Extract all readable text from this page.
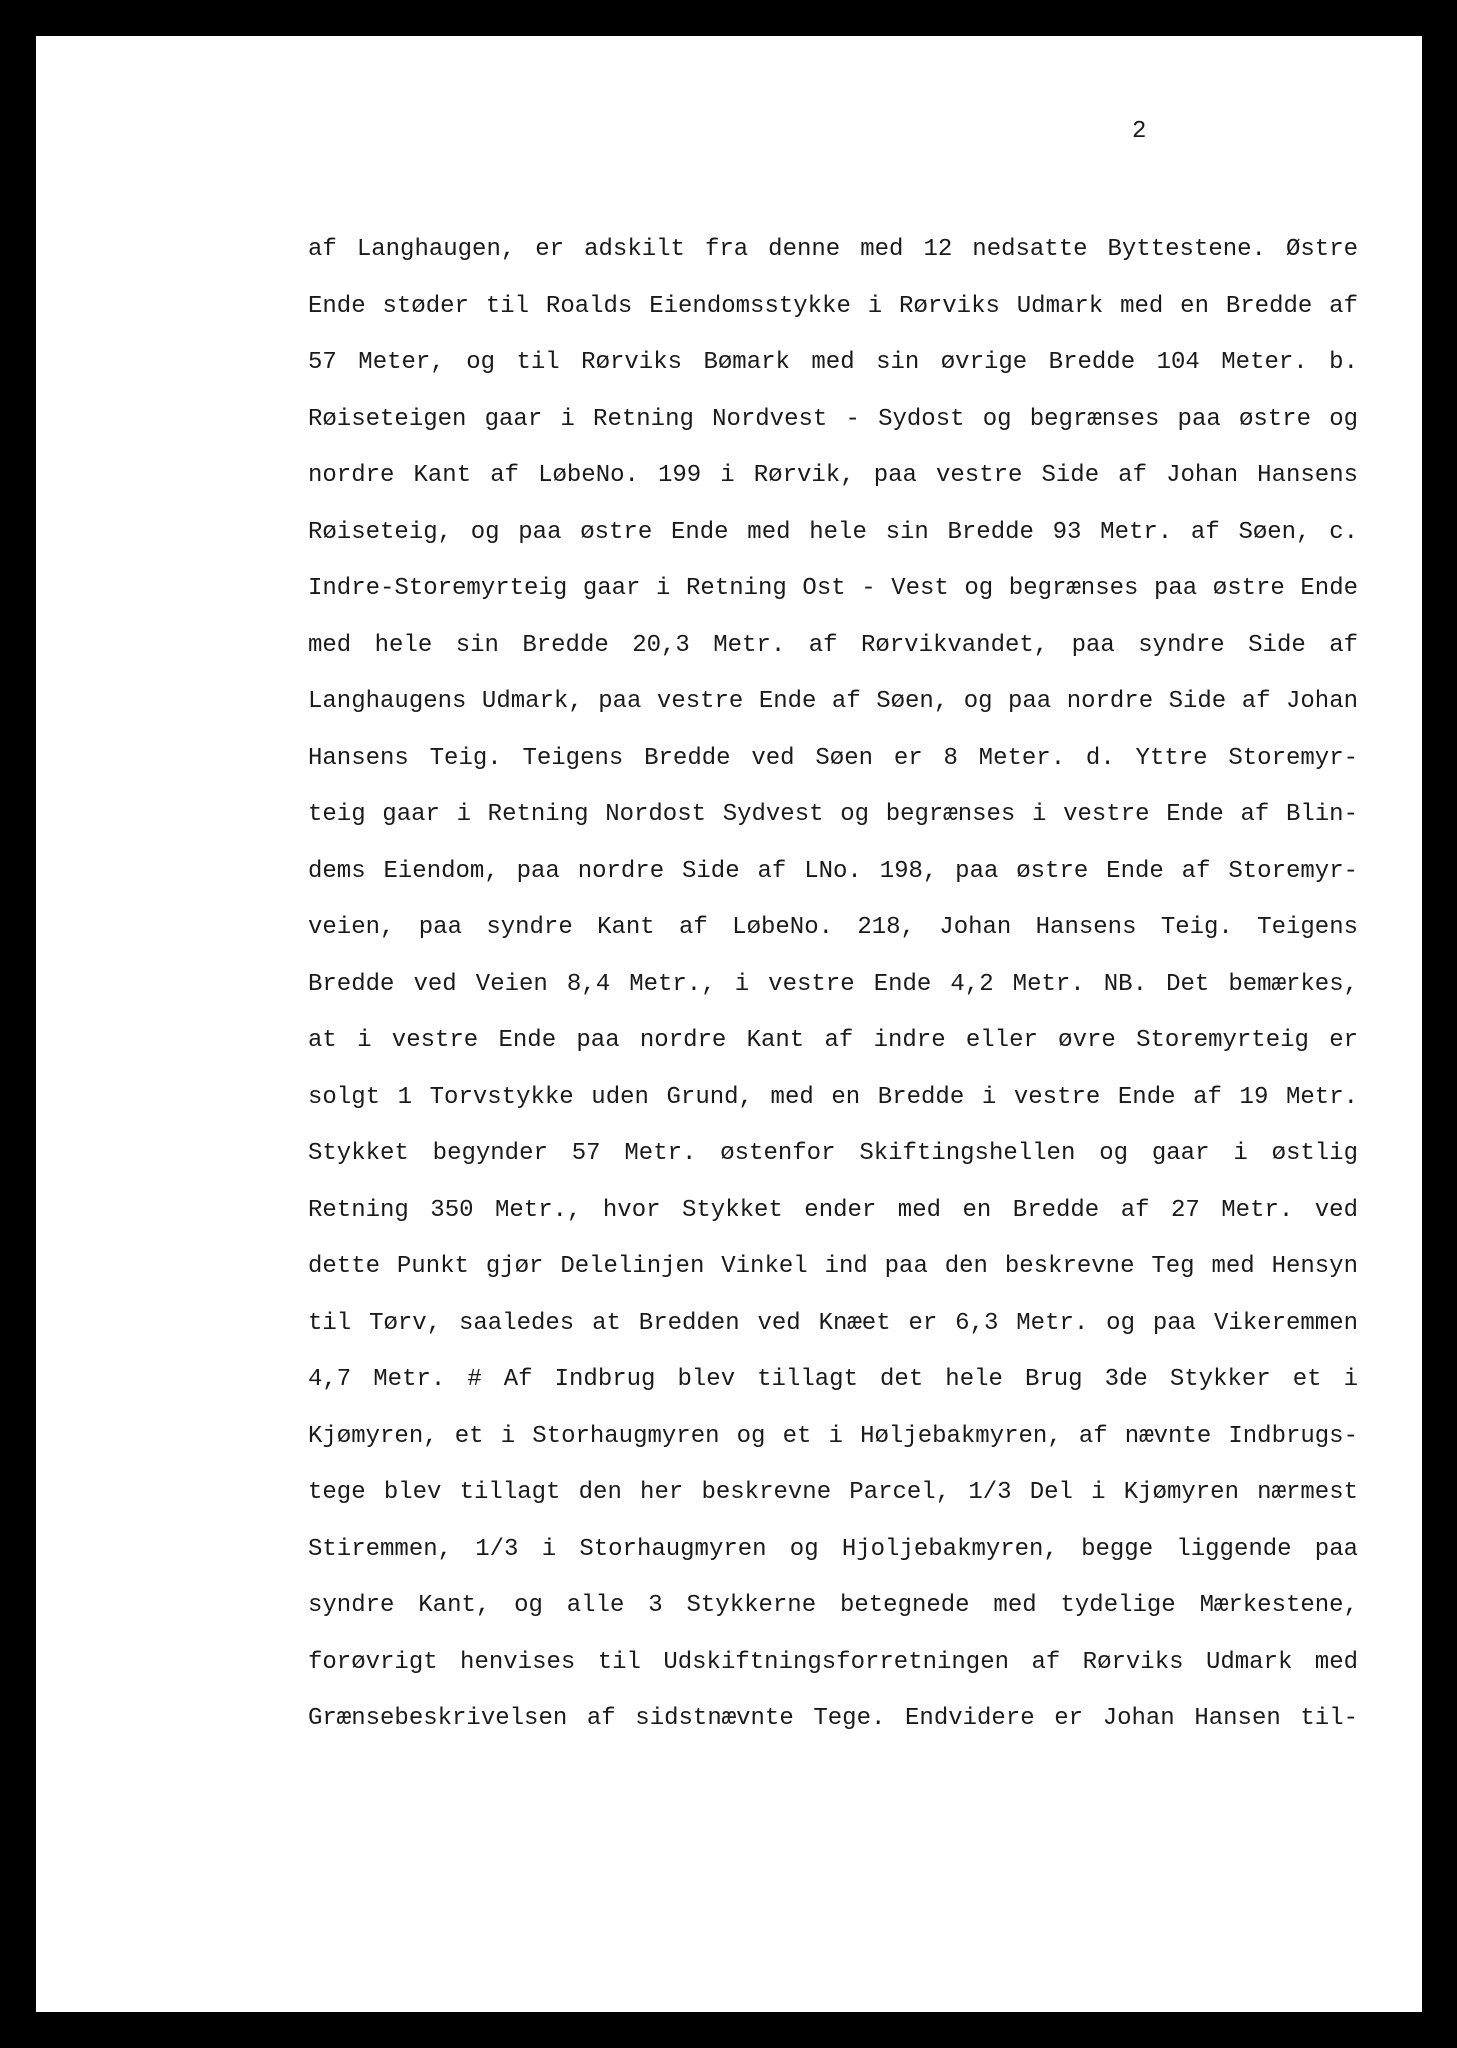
2

af Langhaugen, er adskilt fra denne med 12 nedsatte Byttestene. Østre
Ende støder til Roalds Eiendomsstykke i Rørviks Udmark med en Bredde af
57 Meter, og til Rørviks Bømark med sin øvrige Bredde 104 Meter. b.
Røiseteigen gaar i Retning Nordvest - Sydost og begrænses paa østre og
nordre Kant af LøbeNo. 199 i Rørvik, paa vestre Side af Johan Hansens
Røiseteig, og paa østre Ende med hele sin Bredde 93 Metr. af Søen, c.
Indre-Storemyrteig gaar i Retning Ost - Vest og begrænses paa østre Ende
med hele sin Bredde 20,3 Metr. af Rørvikvandet, paa syndre Side af
Langhaugens Udmark, paa vestre Ende af Søen, og paa nordre Side af Johan
Hansens Teig. Teigens Bredde ved Søen er 8 Meter. d. Yttre Storemyr-
teig gaar i Retning Nordost Sydvest og begrænses i vestre Ende af Blin-
dems Eiendom, paa nordre Side af LNo. 198, paa østre Ende af Storemyr-
veien, paa syndre Kant af LøbeNo. 218, Johan Hansens Teig. Teigens
Bredde ved Veien 8,4 Metr., i vestre Ende 4,2 Metr. NB. Det bemærkes,
at i vestre Ende paa nordre Kant af indre eller øvre Storemyrteig er
solgt 1 Torvstykke uden Grund, med en Bredde i vestre Ende af 19 Metr.
Stykket begynder 57 Metr. østenfor Skiftingshellen og gaar i østlig
Retning 350 Metr., hvor Stykket ender med en Bredde af 27 Metr. ved
dette Punkt gjør Delelinjen Vinkel ind paa den beskrevne Teg med Hensyn
til Tørv, saaledes at Bredden ved Knæet er 6,3 Metr. og paa Vikeremmen
4,7 Metr. # Af Indbrug blev tillagt det hele Brug 3de Stykker et i
Kjømyren, et i Storhaugmyren og et i Høljebakmyren, af nævnte Indbrugs-
tege blev tillagt den her beskrevne Parcel, 1/3 Del i Kjømyren nærmest
Stiremmen, 1/3 i Storhaugmyren og Hjoljebakmyren, begge liggende paa
syndre Kant, og alle 3 Stykkerne betegnede med tydelige Mærkestene,
forøvrigt henvises til Udskiftningsforretningen af Rørviks Udmark med
Grænsebeskrivelsen af sidstnævnte Tege. Endvidere er Johan Hansen til-
